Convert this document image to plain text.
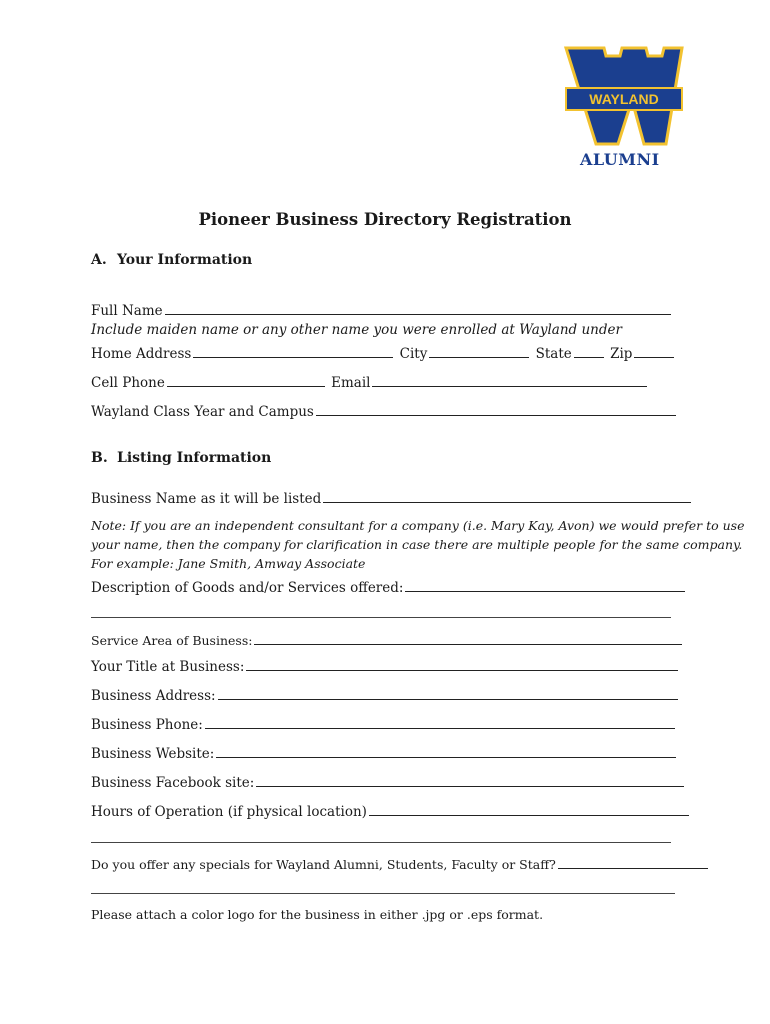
WAYLAND
ALUMNI
Pioneer Business Directory Registration
A. Your Information
Full Name
Include maiden name or any other name you were enrolled at Wayland under
Home Address	City	State	Zip
Cell Phone	Email
Wayland Class Year and Campus
B. Listing Information
Business Name as it will be listed
Note: If you are an independent consultant for a company (i.e. Mary Kay, Avon) we would prefer to use
your name, then the company for clarification in case there are multiple people for the same company.
For example: Jane Smith, Amway Associate
Description of Goods and/or Services offered:
Service Area of Business:
Your Title at Business:
Business Address:
Business Phone:
Business Website:
Business Facebook site:
Hours of Operation (if physical location)
Do you offer any specials for Wayland Alumni, Students, Faculty or Staff?
Please attach a color logo for the business in either .jpg or .eps format.
